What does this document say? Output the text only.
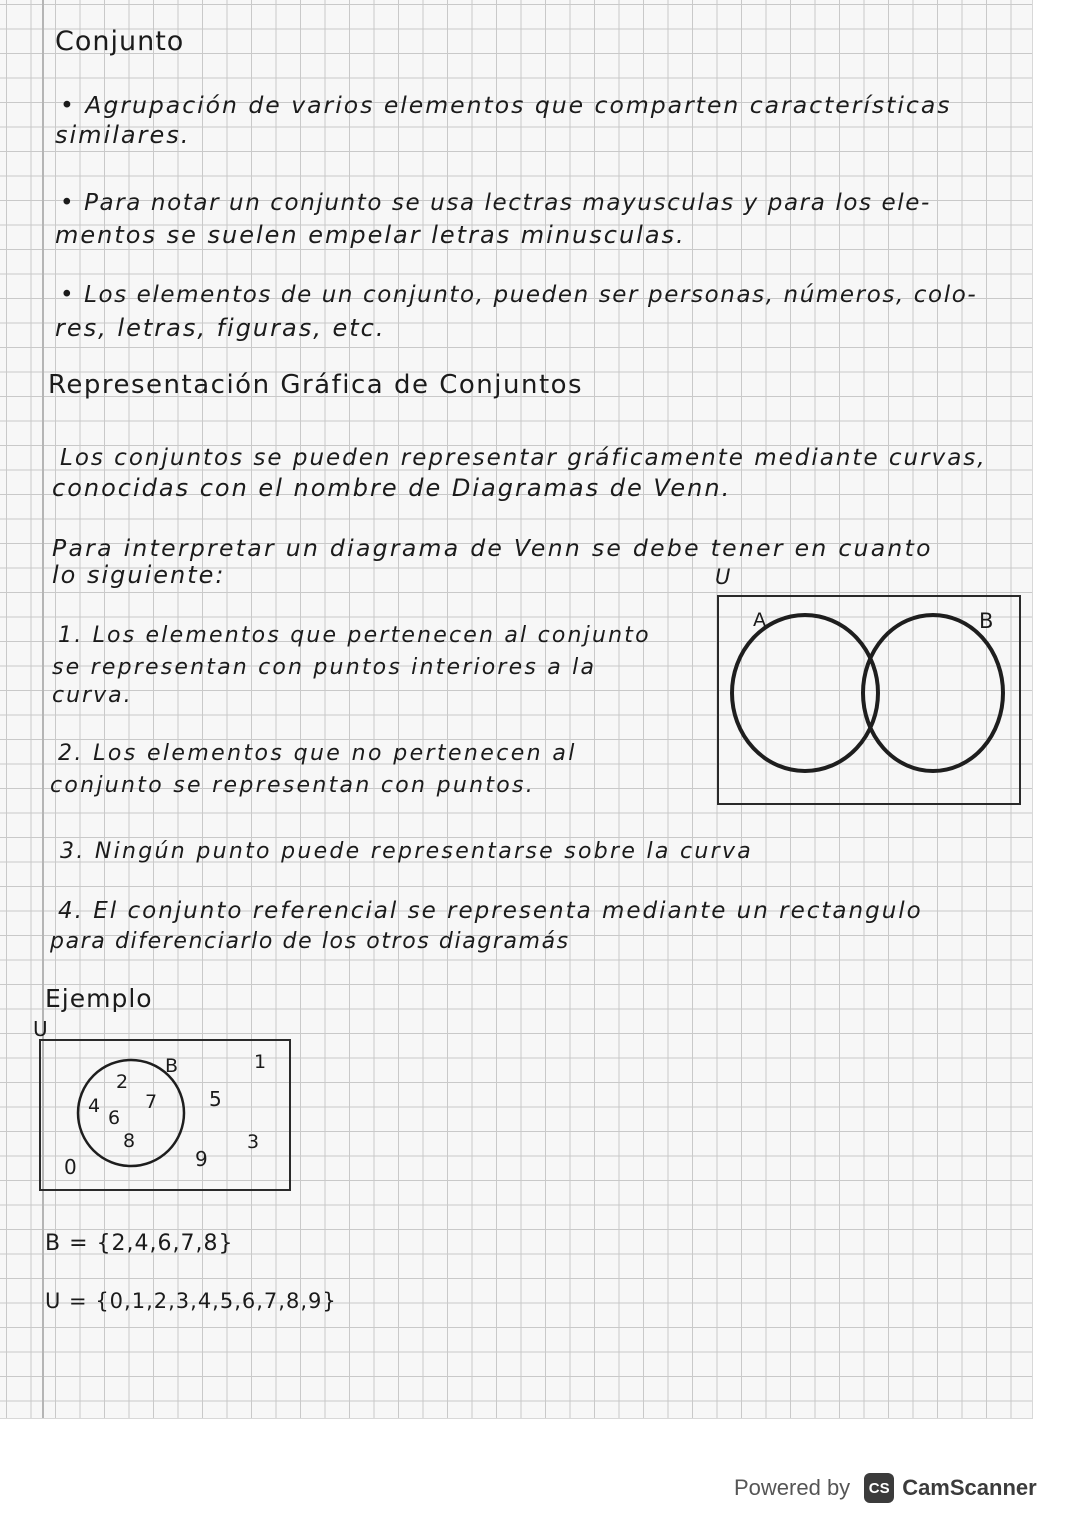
Conjunto

• Agrupación de varios elementos que comparten características

similares.

• Para notar un conjunto se usa lectras mayusculas y para los ele-

mentos se suelen empelar letras minusculas.

• Los elementos de un conjunto, pueden ser personas, números, colo-

res, letras, figuras, etc.

Representación Gráfica de Conjuntos

Los conjuntos se pueden representar gráficamente mediante curvas,

conocidas con el nombre de Diagramas de Venn.

Para interpretar un diagrama de Venn se debe tener en cuanto

lo siguiente:

1. Los elementos que pertenecen al conjunto

se representan con puntos interiores a la

curva.

2. Los elementos que no pertenecen al

conjunto se representan con puntos.

3. Ningún punto puede representarse sobre la curva

4. El conjunto referencial se representa mediante un rectangulo

para diferenciarlo de los otros diagramás

U
A	B

Ejemplo

U
B
2
4
6
7
8
1
5
3
9
0

B = {2,4,6,7,8}

U = {0,1,2,3,4,5,6,7,8,9}

Powered by	CS CamScanner
